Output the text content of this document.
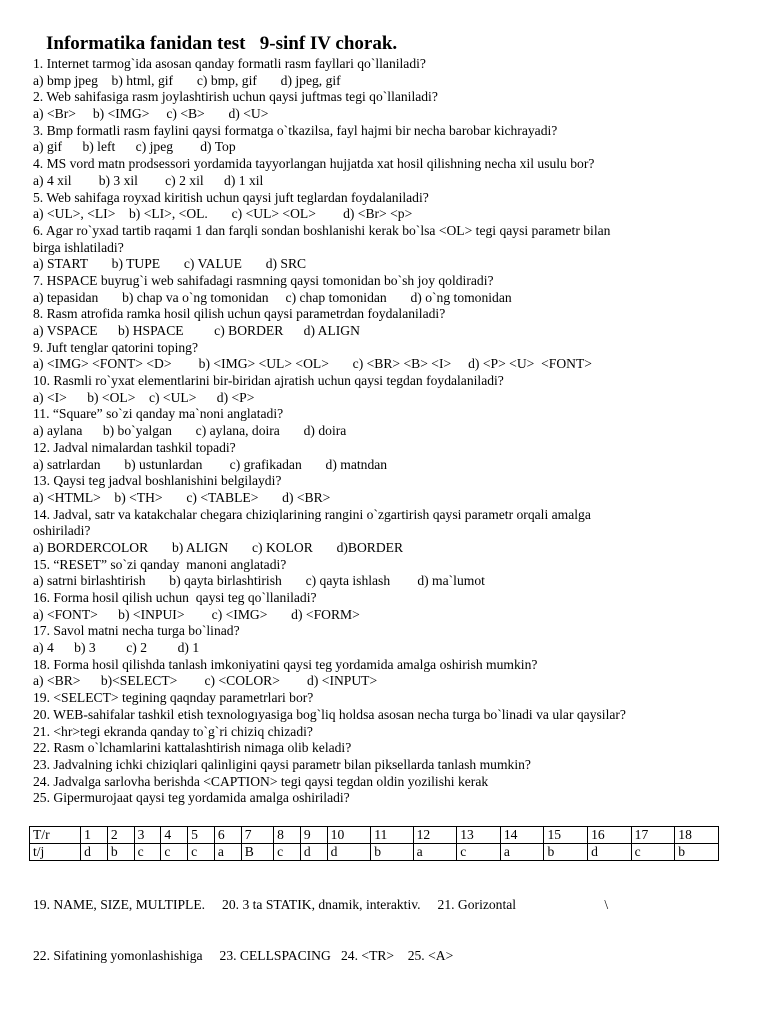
Informatika fanidan test   9-sinf IV chorak.
1. Internet tarmog`ida asosan qanday formatli rasm fayllari qo`llaniladi?
a) bmp jpeg    b) html, gif       c) bmp, gif       d) jpeg, gif
2. Web sahifasiga rasm joylashtirish uchun qaysi juftmas tegi qo`llaniladi?
a) <Br>     b) <IMG>     c) <B>       d) <U>
3. Bmp formatli rasm faylini qaysi formatga o`tkazilsa, fayl hajmi bir necha barobar kichrayadi?
a) gif      b) left      c) jpeg        d) Top
4. MS vord matn prodsessori yordamida tayyorlangan hujjatda xat hosil qilishning necha xil usulu bor?
a) 4 xil        b) 3 xil        c) 2 xil      d) 1 xil
5. Web sahifaga royxad kiritish uchun qaysi juft teglardan foydalaniladi?
a) <UL>, <LI>    b) <LI>, <OL.       c) <UL> <OL>        d) <Br> <p>
6. Agar ro`yxad tartib raqami 1 dan farqli sondan boshlanishi kerak bo`lsa <OL> tegi qaysi parametr bilan
birga ishlatiladi?
a) START       b) TUPE       c) VALUE       d) SRC
7. HSPACE buyrug`i web sahifadagi rasmning qaysi tomonidan bo`sh joy qoldiradi?
a) tepasidan       b) chap va o`ng tomonidan     c) chap tomonidan       d) o`ng tomonidan
8. Rasm atrofida ramka hosil qilish uchun qaysi parametrdan foydalaniladi?
a) VSPACE      b) HSPACE         c) BORDER      d) ALIGN
9. Juft tenglar qatorini toping?
a) <IMG> <FONT> <D>        b) <IMG> <UL> <OL>       c) <BR> <B> <I>     d) <P> <U>  <FONT>
10. Rasmli ro`yxat elementlarini bir-biridan ajratish uchun qaysi tegdan foydalaniladi?
a) <I>      b) <OL>    c) <UL>      d) <P>
11. “Square” so`zi qanday ma`noni anglatadi?
a) aylana      b) bo`yalgan       c) aylana, doira       d) doira
12. Jadval nimalardan tashkil topadi?
a) satrlardan       b) ustunlardan        c) grafikadan       d) matndan
13. Qaysi teg jadval boshlanishini belgilaydi?
a) <HTML>    b) <TH>       c) <TABLE>       d) <BR>
14. Jadval, satr va katakchalar chegara chiziqlarining rangini o`zgartirish qaysi parametr orqali amalga
oshiriladi?
a) BORDERCOLOR       b) ALIGN       c) KOLOR       d)BORDER
15. “RESET” so`zi qanday  manoni anglatadi?
a) satrni birlashtirish       b) qayta birlashtirish       c) qayta ishlash        d) ma`lumot
16. Forma hosil qilish uchun  qaysi teg qo`llaniladi?
a) <FONT>      b) <INPUI>        c) <IMG>       d) <FORM>
17. Savol matni necha turga bo`linad?
a) 4      b) 3         c) 2         d) 1
18. Forma hosil qilishda tanlash imkoniyatini qaysi teg yordamida amalga oshirish mumkin?
a) <BR>      b)<SELECT>        c) <COLOR>        d) <INPUT>
19. <SELECT> tegining qaqnday parametrlari bor?
20. WEB-sahifalar tashkil etish texnologıyasiga bog`liq holdsa asosan necha turga bo`linadi va ular qaysilar?
21. <hr>tegi ekranda qanday to`g`ri chiziq chizadi?
22. Rasm o`lchamlarini kattalashtirish nimaga olib keladi?
23. Jadvalning ichki chiziqlari qalinligini qaysi parametr bilan piksellarda tanlash mumkin?
24. Jadvalga sarlovha berishda <CAPTION> tegi qaysi tegdan oldin yozilishi kerak
25. Gipermurojaat qaysi teg yordamida amalga oshiriladi?
T/r	1	2	3	4	5	6	7	8	9	10	11	12	13	14	15	16	17	18
t/j	d	b	c	c	c	a	B	c	d	d	b	a	c	a	b	d	c	b

19. NAME, SIZE, MULTIPLE.     20. 3 ta STATIK, dnamik, interaktiv.     21. Gorizontal                          \

22. Sifatining yomonlashishiga     23. CELLSPACING   24. <TR>    25. <A>
